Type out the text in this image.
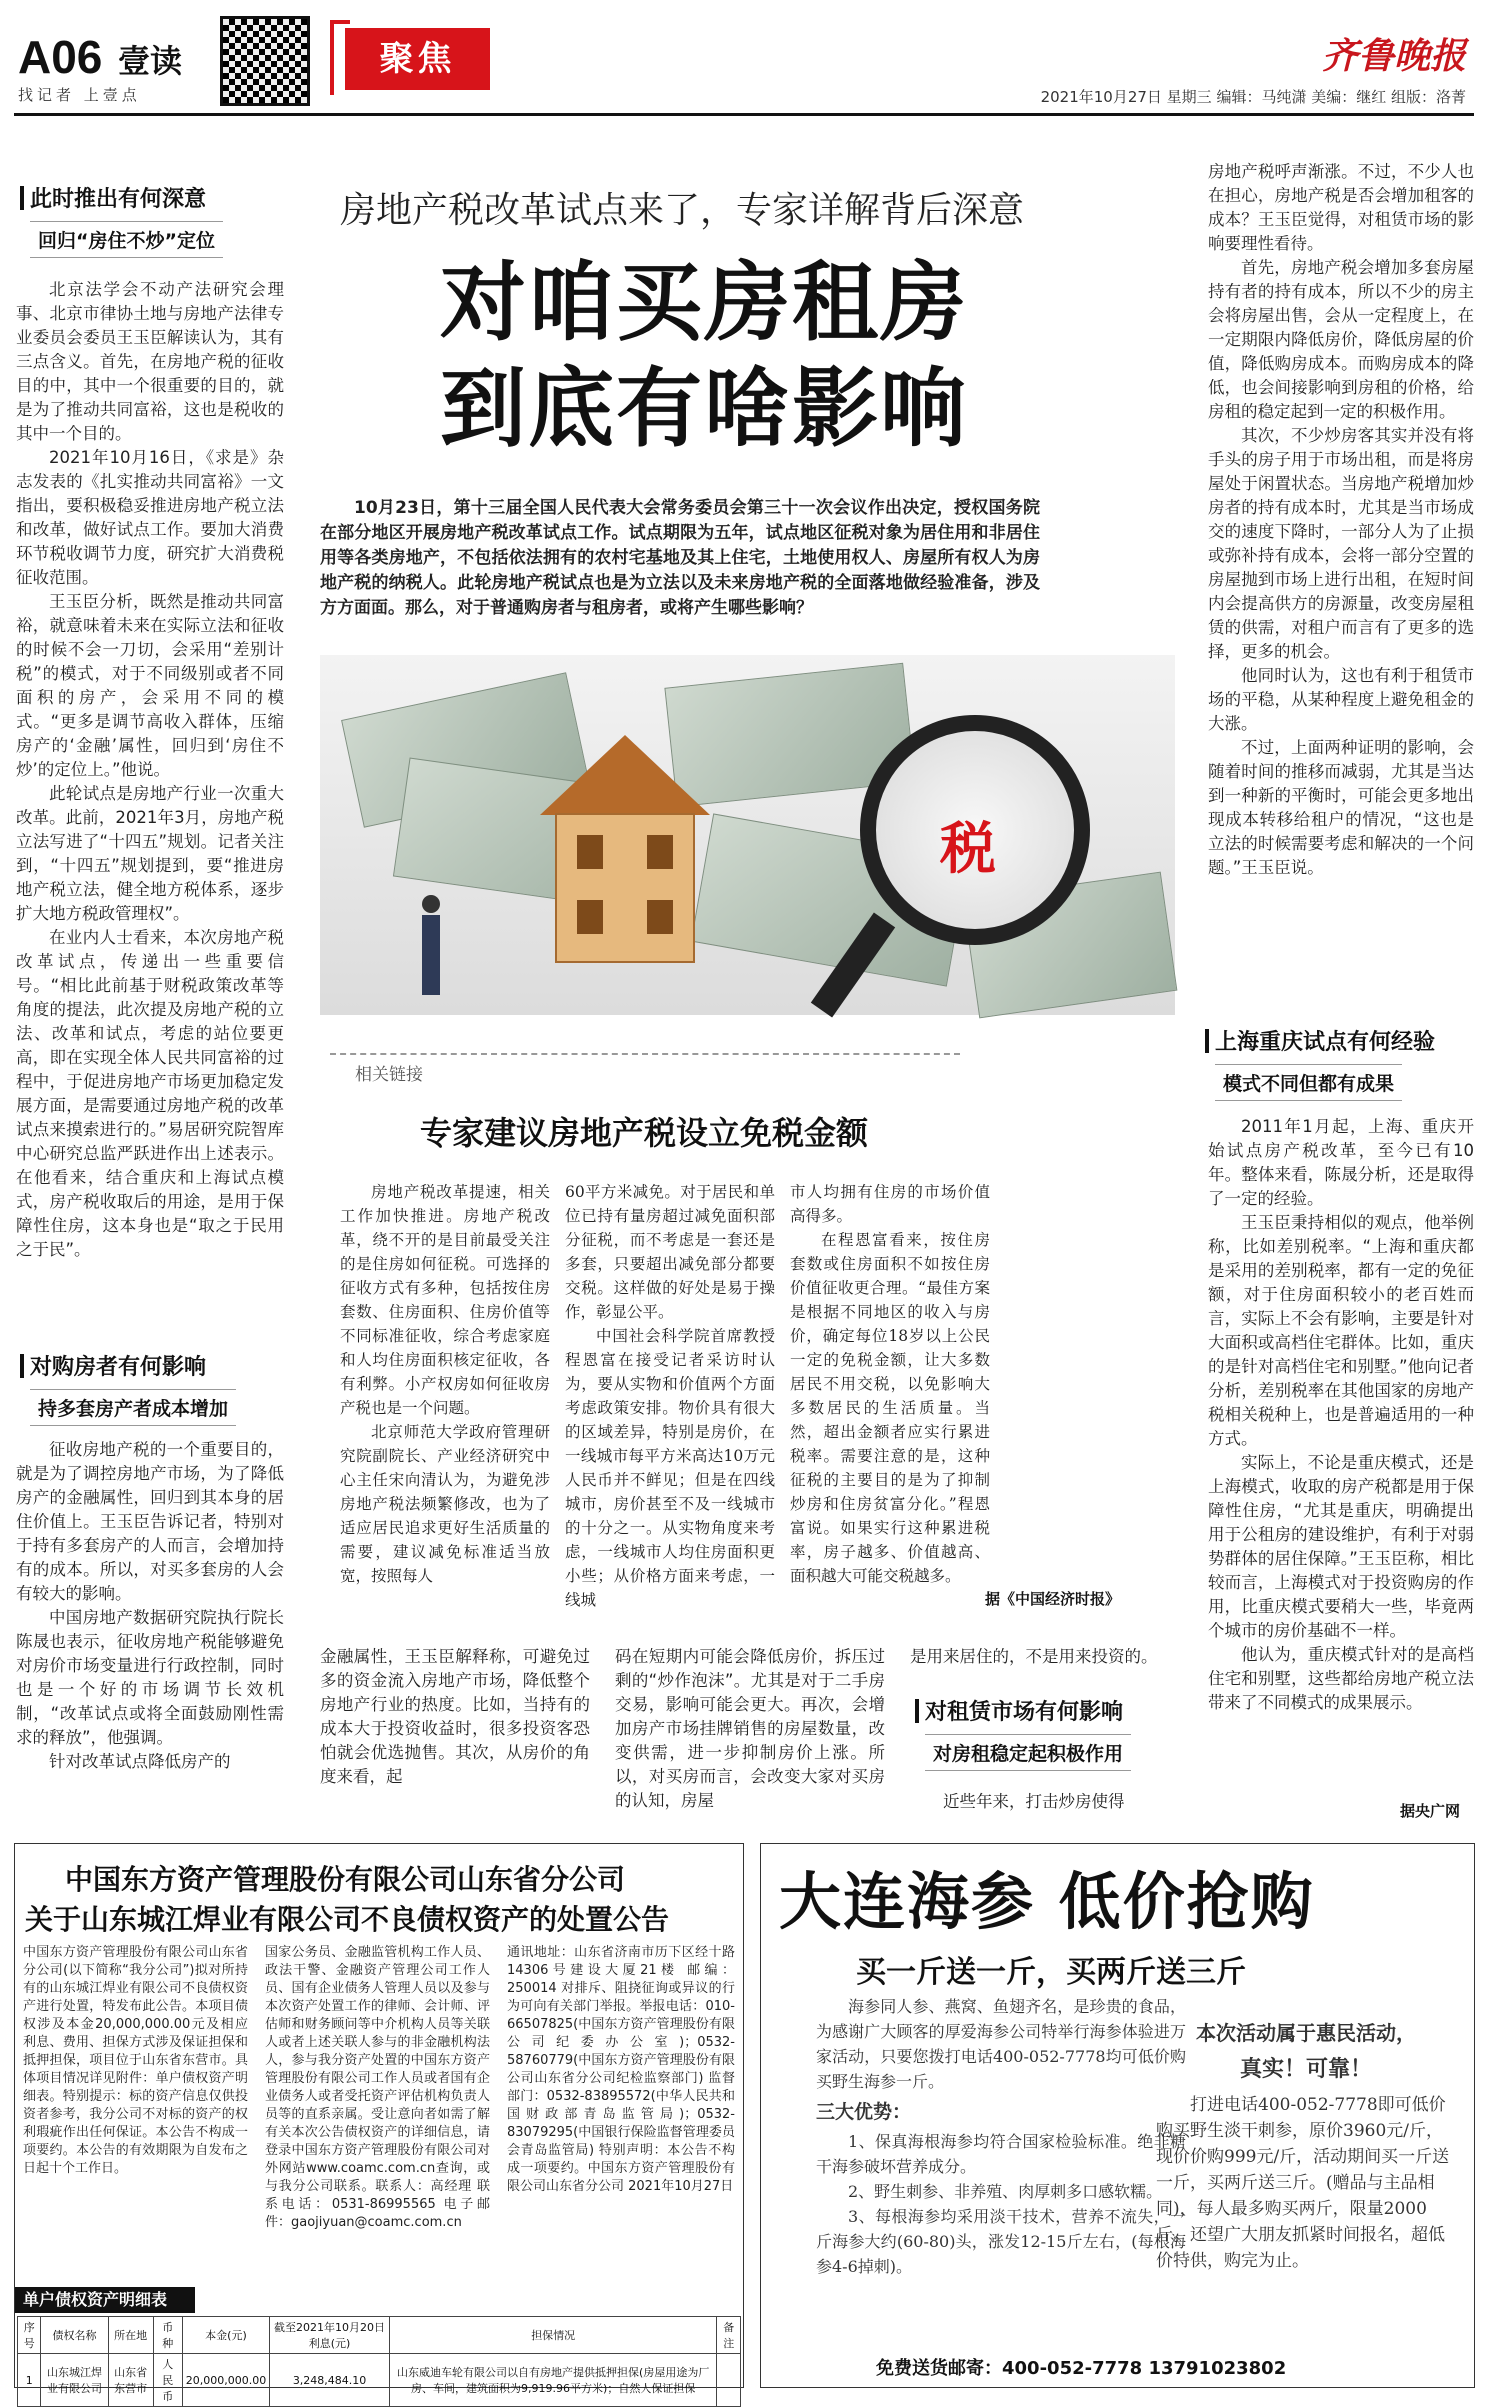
A06 壹读
找记者 上壹点
聚焦	齐鲁晚报
2021年10月27日 星期三 编辑：马纯潇 美编：继红 组版：洛菁
此时推出有何深意
回归“房住不炒”定位

北京法学会不动产法研究会理事、北京市律协土地与房地产法律专业委员会委员王玉臣解读认为，其有三点含义。首先，在房地产税的征收目的中，其中一个很重要的目的，就是为了推动共同富裕，这也是税收的其中一个目的。

2021年10月16日，《求是》杂志发表的《扎实推动共同富裕》一文指出，要积极稳妥推进房地产税立法和改革，做好试点工作。要加大消费环节税收调节力度，研究扩大消费税征收范围。

王玉臣分析，既然是推动共同富裕，就意味着未来在实际立法和征收的时候不会一刀切，会采用“差别计税”的模式，对于不同级别或者不同面积的房产，会采用不同的模式。“更多是调节高收入群体，压缩房产的‘金融’属性，回归到‘房住不炒’的定位上。”他说。

此轮试点是房地产行业一次重大改革。此前，2021年3月，房地产税立法写进了“十四五”规划。记者关注到，“十四五”规划提到，要“推进房地产税立法，健全地方税体系，逐步扩大地方税政管理权”。

在业内人士看来，本次房地产税改革试点，传递出一些重要信号。“相比此前基于财税政策改革等角度的提法，此次提及房地产税的立法、改革和试点，考虑的站位要更高，即在实现全体人民共同富裕的过程中，于促进房地产市场更加稳定发展方面，是需要通过房地产税的改革试点来摸索进行的。”易居研究院智库中心研究总监严跃进作出上述表示。在他看来，结合重庆和上海试点模式，房产税收取后的用途，是用于保障性住房，这本身也是“取之于民用之于民”。

对购房者有何影响
持多套房产者成本增加

征收房地产税的一个重要目的，就是为了调控房地产市场，为了降低房产的金融属性，回归到其本身的居住价值上。王玉臣告诉记者，特别对于持有多套房产的人而言，会增加持有的成本。所以，对买多套房的人会有较大的影响。

中国房地产数据研究院执行院长陈晟也表示，征收房地产税能够避免对房价市场变量进行行政控制，同时也是一个好的市场调节长效机制，“改革试点或将全面鼓励刚性需求的释放”，他强调。

针对改革试点降低房产的

房地产税改革试点来了，专家详解背后深意
对咱买房租房
到底有啥影响
10月23日，第十三届全国人民代表大会常务委员会第三十一次会议作出决定，授权国务院在部分地区开展房地产税改革试点工作。试点期限为五年，试点地区征税对象为居住用和非居住用等各类房地产，不包括依法拥有的农村宅基地及其上住宅，土地使用权人、房屋所有权人为房地产税的纳税人。此轮房地产税试点也是为立法以及未来房地产税的全面落地做经验准备，涉及方方面面。那么，对于普通购房者与租房者，或将产生哪些影响？
税
相关链接
专家建议房地产税设立免税金额

房地产税改革提速，相关工作加快推进。房地产税改革，绕不开的是目前最受关注的是住房如何征税。可选择的征收方式有多种，包括按住房套数、住房面积、住房价值等不同标准征收，综合考虑家庭和人均住房面积核定征收，各有利弊。小产权房如何征收房产税也是一个问题。

北京师范大学政府管理研究院副院长、产业经济研究中心主任宋向清认为，为避免涉房地产税法频繁修改，也为了适应居民追求更好生活质量的需要，建议减免标准适当放宽，按照每人

60平方米减免。对于居民和单位已持有量房超过减免面积部分征税，而不考虑是一套还是多套，只要超出减免部分都要交税。这样做的好处是易于操作，彰显公平。

中国社会科学院首席教授程恩富在接受记者采访时认为，要从实物和价值两个方面考虑政策安排。物价具有很大的区域差异，特别是房价，在一线城市每平方米高达10万元人民币并不鲜见；但是在四线城市，房价甚至不及一线城市的十分之一。从实物角度来考虑，一线城市人均住房面积更小些；从价格方面来考虑，一线城

市人均拥有住房的市场价值高得多。

在程恩富看来，按住房套数或住房面积不如按住房价值征收更合理。“最佳方案是根据不同地区的收入与房价，确定每位18岁以上公民一定的免税金额，让大多数居民不用交税，以免影响大多数居民的生活质量。当然，超出金额者应实行累进税率。需要注意的是，这种征税的主要目的是为了抑制炒房和住房贫富分化。”程恩富说。如果实行这种累进税率，房子越多、价值越高、面积越大可能交税越多。

据《中国经济时报》

金融属性，王玉臣解释称，可避免过多的资金流入房地产市场，降低整个房地产行业的热度。比如，当持有的成本大于投资收益时，很多投资客恐怕就会优选抛售。其次，从房价的角度来看，起

码在短期内可能会降低房价，拆压过剩的“炒作泡沫”。尤其是对于二手房交易，影响可能会更大。再次，会增加房产市场挂牌销售的房屋数量，改变供需，进一步抑制房价上涨。所以，对买房而言，会改变大家对买房的认知，房屋

是用来居住的，不是用来投资的。

对租赁市场有何影响
对房租稳定起积极作用

近些年来，打击炒房使得

房地产税呼声渐涨。不过，不少人也在担心，房地产税是否会增加租客的成本？王玉臣觉得，对租赁市场的影响要理性看待。

首先，房地产税会增加多套房屋持有者的持有成本，所以不少的房主会将房屋出售，会从一定程度上，在一定期限内降低房价，降低房屋的价值，降低购房成本。而购房成本的降低，也会间接影响到房租的价格，给房租的稳定起到一定的积极作用。

其次，不少炒房客其实并没有将手头的房子用于市场出租，而是将房屋处于闲置状态。当房地产税增加炒房者的持有成本时，尤其是当市场成交的速度下降时，一部分人为了止损或弥补持有成本，会将一部分空置的房屋抛到市场上进行出租，在短时间内会提高供方的房源量，改变房屋租赁的供需，对租户而言有了更多的选择，更多的机会。

他同时认为，这也有利于租赁市场的平稳，从某种程度上避免租金的大涨。

不过，上面两种证明的影响，会随着时间的推移而减弱，尤其是当达到一种新的平衡时，可能会更多地出现成本转移给租户的情况，“这也是立法的时候需要考虑和解决的一个问题。”王玉臣说。

上海重庆试点有何经验
模式不同但都有成果

2011年1月起，上海、重庆开始试点房产税改革，至今已有10年。整体来看，陈晟分析，还是取得了一定的经验。

王玉臣秉持相似的观点，他举例称，比如差别税率。“上海和重庆都是采用的差别税率，都有一定的免征额，对于住房面积较小的老百姓而言，实际上不会有影响，主要是针对大面积或高档住宅群体。比如，重庆的是针对高档住宅和别墅。”他向记者分析，差别税率在其他国家的房地产税相关税种上，也是普遍适用的一种方式。

实际上，不论是重庆模式，还是上海模式，收取的房产税都是用于保障性住房，“尤其是重庆，明确提出用于公租房的建设维护，有利于对弱势群体的居住保障。”王玉臣称，相比较而言，上海模式对于投资购房的作用，比重庆模式要稍大一些，毕竟两个城市的房价基础不一样。

他认为，重庆模式针对的是高档住宅和别墅，这些都给房地产税立法带来了不同模式的成果展示。

据央广网
中国东方资产管理股份有限公司山东省分公司
关于山东城江焊业有限公司不良债权资产的处置公告
中国东方资产管理股份有限公司山东省分公司(以下简称“我分公司”)拟对所持有的山东城江焊业有限公司不良债权资产进行处置，特发布此公告。本项目债权涉及本金20,000,000.00元及相应利息、费用、担保方式涉及保证担保和抵押担保，项目位于山东省东营市。具体项目情况详见附件：单户债权资产明细表。特别提示：标的资产信息仅供投资者参考，我分公司不对标的资产的权利瑕疵作出任何保证。本公告不构成一项要约。本公告的有效期限为自发布之日起十个工作日。
国家公务员、金融监管机构工作人员、政法干警、金融资产管理公司工作人员、国有企业债务人管理人员以及参与本次资产处置工作的律师、会计师、评估师和财务顾问等中介机构人员等关联人或者上述关联人参与的非金融机构法人，参与我分资产处置的中国东方资产管理股份有限公司工作人员或者国有企业债务人或者受托资产评估机构负责人员等的直系亲属。受让意向者如需了解有关本次公告债权资产的详细信息，请登录中国东方资产管理股份有限公司对外网站www.coamc.com.cn查询，或与我分公司联系。联系人：高经理 联系电话：0531-86995565 电子邮件：gaojiyuan@coamc.com.cn
通讯地址：山东省济南市历下区经十路14306号建设大厦21楼 邮编：250014 对排斥、阻挠征询或异议的行为可向有关部门举报。举报电话：010-66507825(中国东方资产管理股份有限公司纪委办公室)；0532-58760779(中国东方资产管理股份有限公司山东省分公司纪检监察部门) 监督部门：0532-83895572(中华人民共和国财政部青岛监管局)；0532-83079295(中国银行保险监督管理委员会青岛监管局) 特别声明：本公告不构成一项要约。中国东方资产管理股份有限公司山东省分公司 2021年10月27日
单户债权资产明细表
序号	债权名称	所在地	币种	本金(元)	截至2021年10月20日利息(元)	担保情况	备注
1	山东城江焊业有限公司	山东省东营市	人民币	20,000,000.00	3,248,484.10	山东威迪车轮有限公司以自有房地产提供抵押担保(房屋用途为厂房、车间，建筑面积为9,919.96平方米)；自然人保证担保	
大连海参 低价抢购
买一斤送一斤，买两斤送三斤

海参同人参、燕窝、鱼翅齐名，是珍贵的食品，为感谢广大顾客的厚爱海参公司特举行海参体验进万家活动，只要您拨打电话400-052-7778均可低价购买野生海参一斤。

三大优势：

1、保真海根海参均符合国家检验标准。绝非糖干海参破坏营养成分。

2、野生刺参、非养殖、肉厚刺多口感软糯。

3、每根海参均采用淡干技术，营养不流失，一斤海参大约(60-80)头，涨发12-15斤左右，(每根海参4-6掉刺)。

本次活动属于惠民活动，
真实！可靠！

打进电话400-052-7778即可低价购买野生淡干刺参，原价3960元/斤，现价价购999元/斤，活动期间买一斤送一斤，买两斤送三斤。(赠品与主品相同)，每人最多购买两斤，限量2000斤。还望广大朋友抓紧时间报名，超低价特供，购完为止。

免费送货邮寄：400-052-7778 13791023802
